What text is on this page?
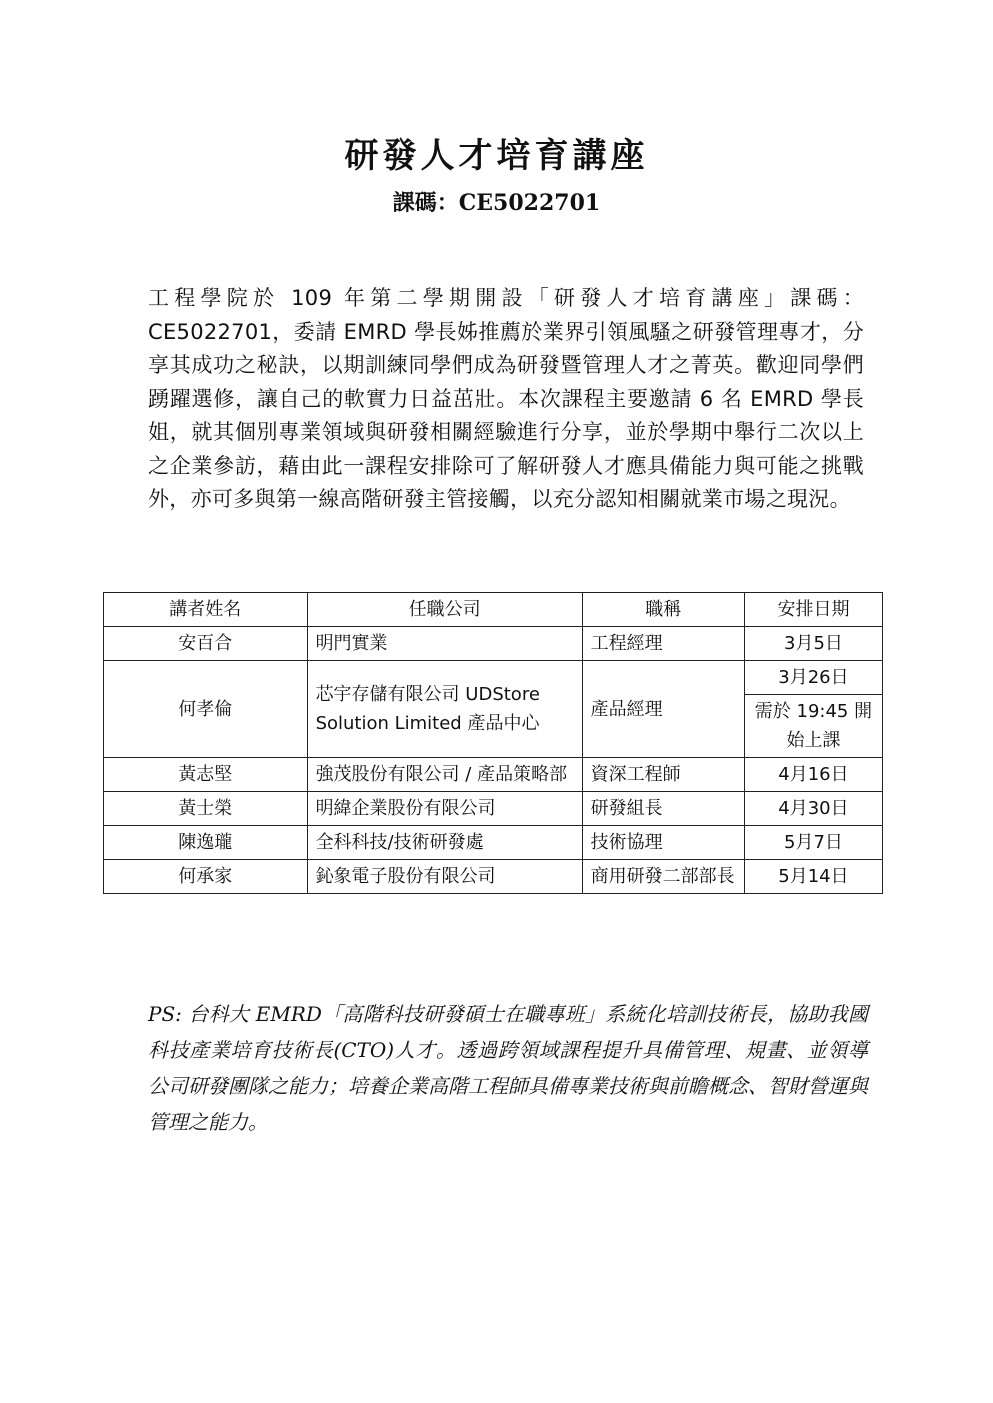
研發人才培育講座
課碼：CE5022701
工程學院於 109 年第二學期開設「研發人才培育講座」課碼：CE5022701，委請 EMRD 學長姊推薦於業界引領風騷之研發管理專才，分享其成功之秘訣，以期訓練同學們成為研發暨管理人才之菁英。歡迎同學們踴躍選修，讓自己的軟實力日益茁壯。本次課程主要邀請 6 名 EMRD 學長姐，就其個別專業領域與研發相關經驗進行分享，並於學期中舉行二次以上之企業參訪，藉由此一課程安排除可了解研發人才應具備能力與可能之挑戰外，亦可多與第一線高階研發主管接觸，以充分認知相關就業市場之現況。
講者姓名	任職公司	職稱	安排日期
安百合	明門實業	工程經理	3月5日
何孝倫	芯宇存儲有限公司 UDStore Solution Limited 產品中心	產品經理	3月26日
			需於 19:45 開始上課
黃志堅	強茂股份有限公司 / 產品策略部	資深工程師	4月16日
黃士榮	明緯企業股份有限公司	研發組長	4月30日
陳逸瓏	全科科技/技術研發處	技術協理	5月7日
何承家	鈊象電子股份有限公司	商用研發二部部長	5月14日
PS: 台科大 EMRD「高階科技研發碩士在職專班」系統化培訓技術長，協助我國科技產業培育技術長(CTO)人才。透過跨領域課程提升具備管理、規畫、並領導公司研發團隊之能力；培養企業高階工程師具備專業技術與前瞻概念、智財營運與管理之能力。
